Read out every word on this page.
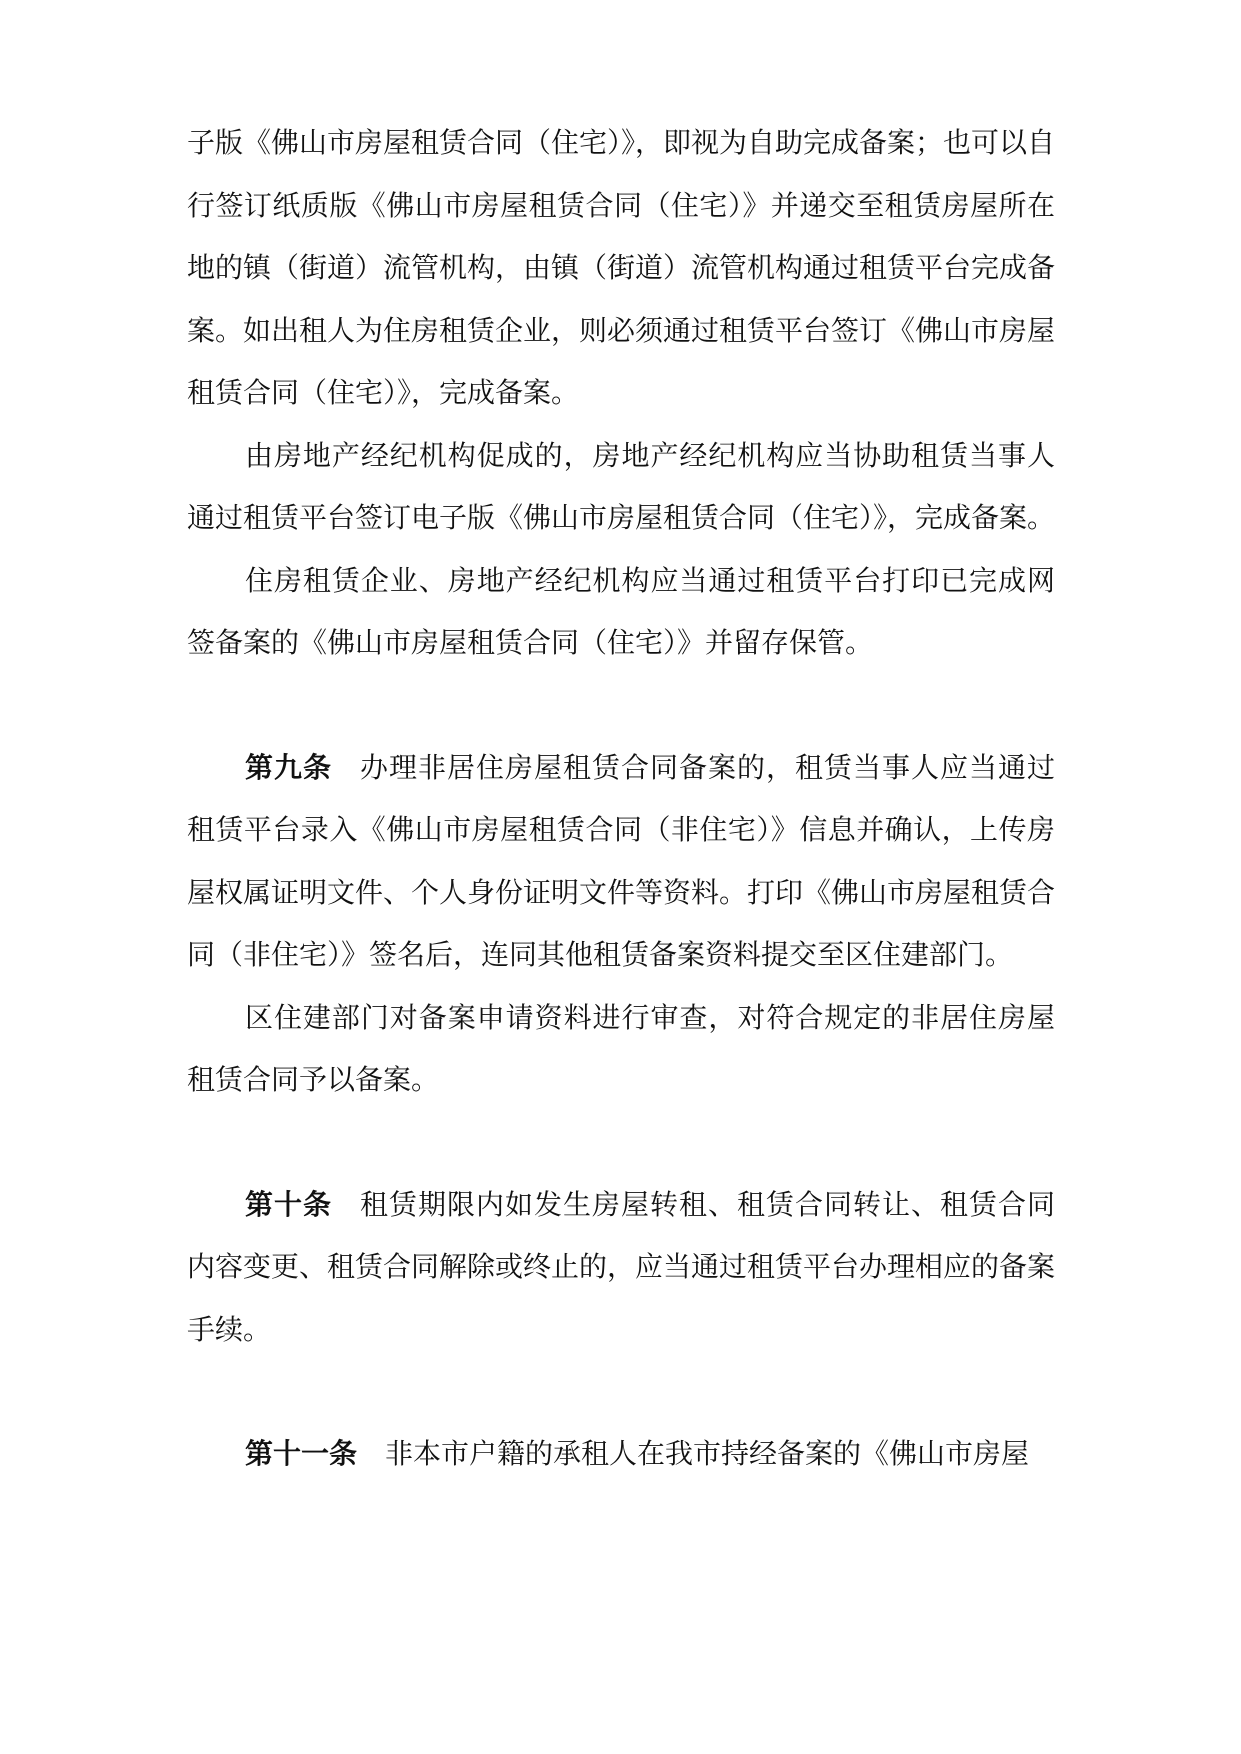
子版《佛山市房屋租赁合同（住宅）》，即视为自助完成备案；也可以自行签订纸质版《佛山市房屋租赁合同（住宅）》并递交至租赁房屋所在地的镇（街道）流管机构，由镇（街道）流管机构通过租赁平台完成备案。如出租人为住房租赁企业，则必须通过租赁平台签订《佛山市房屋租赁合同（住宅）》，完成备案。

由房地产经纪机构促成的，房地产经纪机构应当协助租赁当事人通过租赁平台签订电子版《佛山市房屋租赁合同（住宅）》，完成备案。

住房租赁企业、房地产经纪机构应当通过租赁平台打印已完成网签备案的《佛山市房屋租赁合同（住宅）》并留存保管。

第九条 办理非居住房屋租赁合同备案的，租赁当事人应当通过租赁平台录入《佛山市房屋租赁合同（非住宅）》信息并确认，上传房屋权属证明文件、个人身份证明文件等资料。打印《佛山市房屋租赁合同（非住宅）》签名后，连同其他租赁备案资料提交至区住建部门。

区住建部门对备案申请资料进行审查，对符合规定的非居住房屋租赁合同予以备案。

第十条 租赁期限内如发生房屋转租、租赁合同转让、租赁合同内容变更、租赁合同解除或终止的，应当通过租赁平台办理相应的备案手续。

第十一条 非本市户籍的承租人在我市持经备案的《佛山市房屋
